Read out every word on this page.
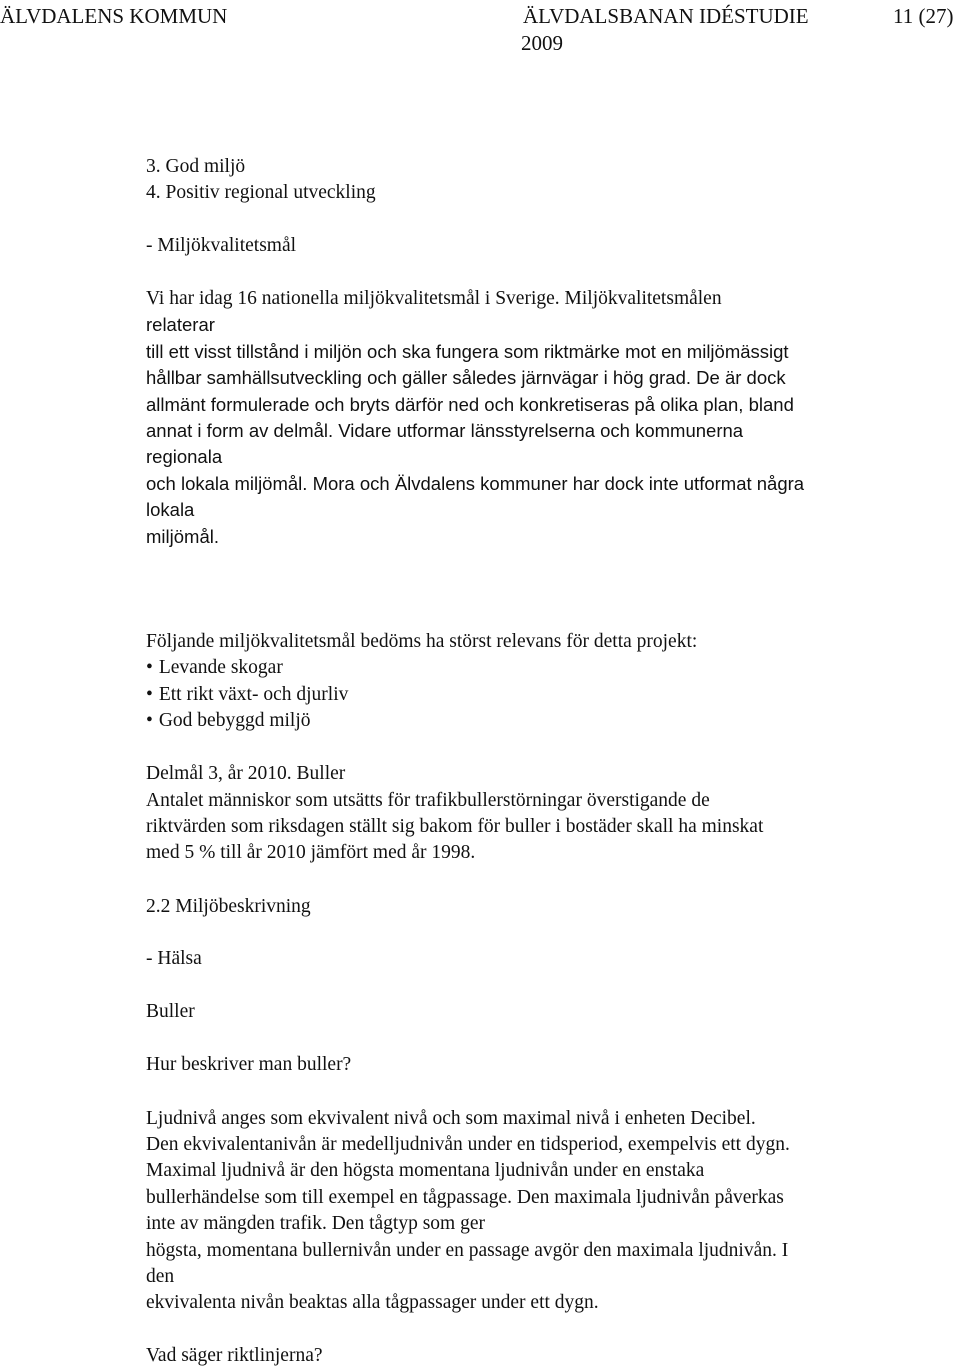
ÄLVDALENS KOMMUN	ÄLVDALSBANAN IDÉSTUDIE
2009
11 (27)
3. God miljö
4. Positiv regional utveckling
- Miljökvalitetsmål
Vi har idag 16 nationella miljökvalitetsmål i Sverige. Miljökvalitetsmålen
relaterar
till ett visst tillstånd i miljön och ska fungera som riktmärke mot en miljömässigt
hållbar samhällsutveckling och gäller således järnvägar i hög grad. De är dock
allmänt formulerade och bryts därför ned och konkretiseras på olika plan, bland
annat i form av delmål. Vidare utformar länsstyrelserna och kommunerna
regionala
och lokala miljömål. Mora och Älvdalens kommuner har dock inte utformat några
lokala
miljömål.
Följande miljökvalitetsmål bedöms ha störst relevans för detta projekt:
• Levande skogar
• Ett rikt växt- och djurliv
• God bebyggd miljö
Delmål 3, år 2010. Buller
Antalet människor som utsätts för trafikbullerstörningar överstigande de
riktvärden som riksdagen ställt sig bakom för buller i bostäder skall ha minskat
med 5 % till år 2010 jämfört med år 1998.
2.2 Miljöbeskrivning
- Hälsa
Buller
Hur beskriver man buller?
Ljudnivå anges som ekvivalent nivå och som maximal nivå i enheten Decibel.
Den ekvivalentanivån är medelljudnivån under en tidsperiod, exempelvis ett dygn.
Maximal ljudnivå är den högsta momentana ljudnivån under en enstaka
bullerhändelse som till exempel en tågpassage. Den maximala ljudnivån påverkas
inte av mängden trafik. Den tågtyp som ger
högsta, momentana bullernivån under en passage avgör den maximala ljudnivån. I
den
ekvivalenta nivån beaktas alla tågpassager under ett dygn.
Vad säger riktlinjerna?
